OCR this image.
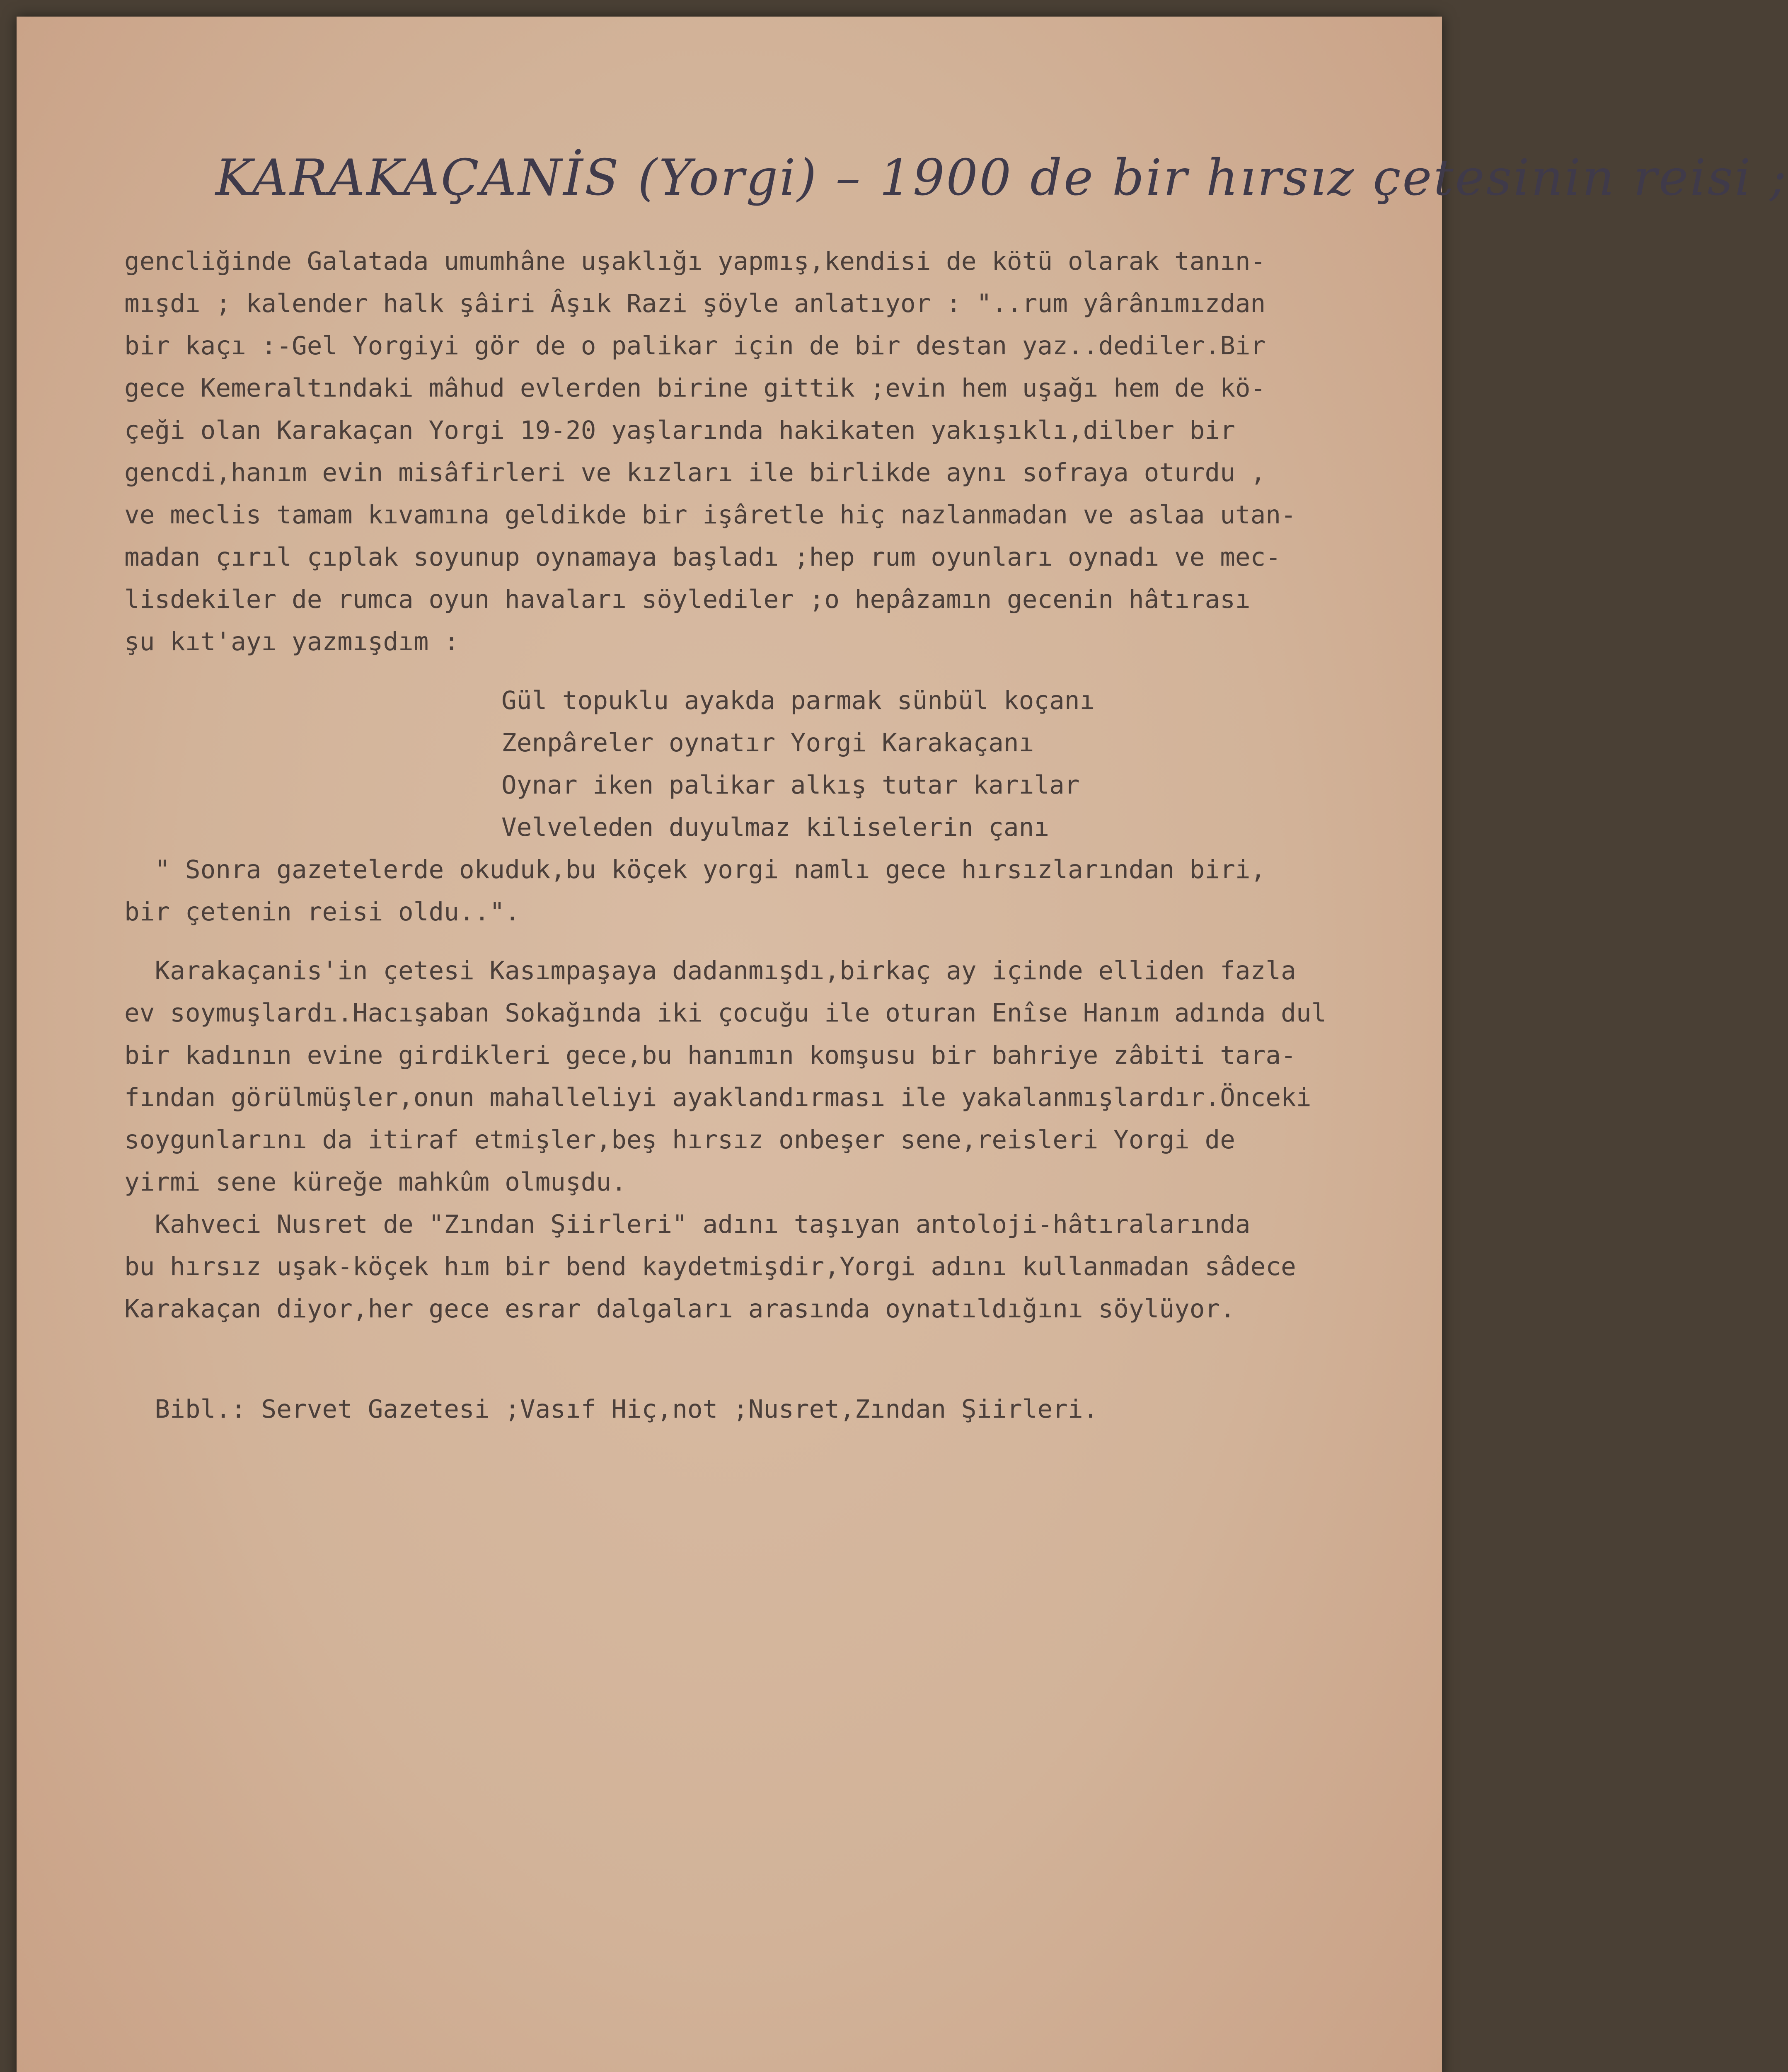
KARAKAÇANİS (Yorgi) – 1900 de bir hırsız çetesinin reisi ;
gencliğinde Galatada umumhâne uşaklığı yapmış,kendisi de kötü olarak tanın-
mışdı ; kalender halk şâiri Âşık Razi şöyle anlatıyor : "..rum yârânımızdan
bir kaçı :-Gel Yorgiyi gör de o palikar için de bir destan yaz..dediler.Bir
gece Kemeraltındaki mâhud evlerden birine gittik ;evin hem uşağı hem de kö-
çeği olan Karakaçan Yorgi 19-20 yaşlarında hakikaten yakışıklı,dilber bir
gencdi,hanım evin misâfirleri ve kızları ile birlikde aynı sofraya oturdu ,
ve meclis tamam kıvamına geldikde bir işâretle hiç nazlanmadan ve aslaa utan-
madan çırıl çıplak soyunup oynamaya başladı ;hep rum oyunları oynadı ve mec-
lisdekiler de rumca oyun havaları söylediler ;o hepâzamın gecenin hâtırası
şu kıt'ayı yazmışdım :
Gül topuklu ayakda parmak sünbül koçanı
Zenpâreler oynatır Yorgi Karakaçanı
Oynar iken palikar alkış tutar karılar
Velveleden duyulmaz kiliselerin çanı
" Sonra gazetelerde okuduk,bu köçek yorgi namlı gece hırsızlarından biri,
bir çetenin reisi oldu..".
Karakaçanis'in çetesi Kasımpaşaya dadanmışdı,birkaç ay içinde elliden fazla
ev soymuşlardı.Hacışaban Sokağında iki çocuğu ile oturan Enîse Hanım adında dul
bir kadının evine girdikleri gece,bu hanımın komşusu bir bahriye zâbiti tara-
fından görülmüşler,onun mahalleliyi ayaklandırması ile yakalanmışlardır.Önceki
soygunlarını da itiraf etmişler,beş hırsız onbeşer sene,reisleri Yorgi de
yirmi sene küreğe mahkûm olmuşdu.
Kahveci Nusret de "Zından Şiirleri" adını taşıyan antoloji-hâtıralarında
bu hırsız uşak-köçek hım bir bend kaydetmişdir,Yorgi adını kullanmadan sâdece
Karakaçan diyor,her gece esrar dalgaları arasında oynatıldığını söylüyor.
Bibl.: Servet Gazetesi ;Vasıf Hiç,not ;Nusret,Zından Şiirleri.
